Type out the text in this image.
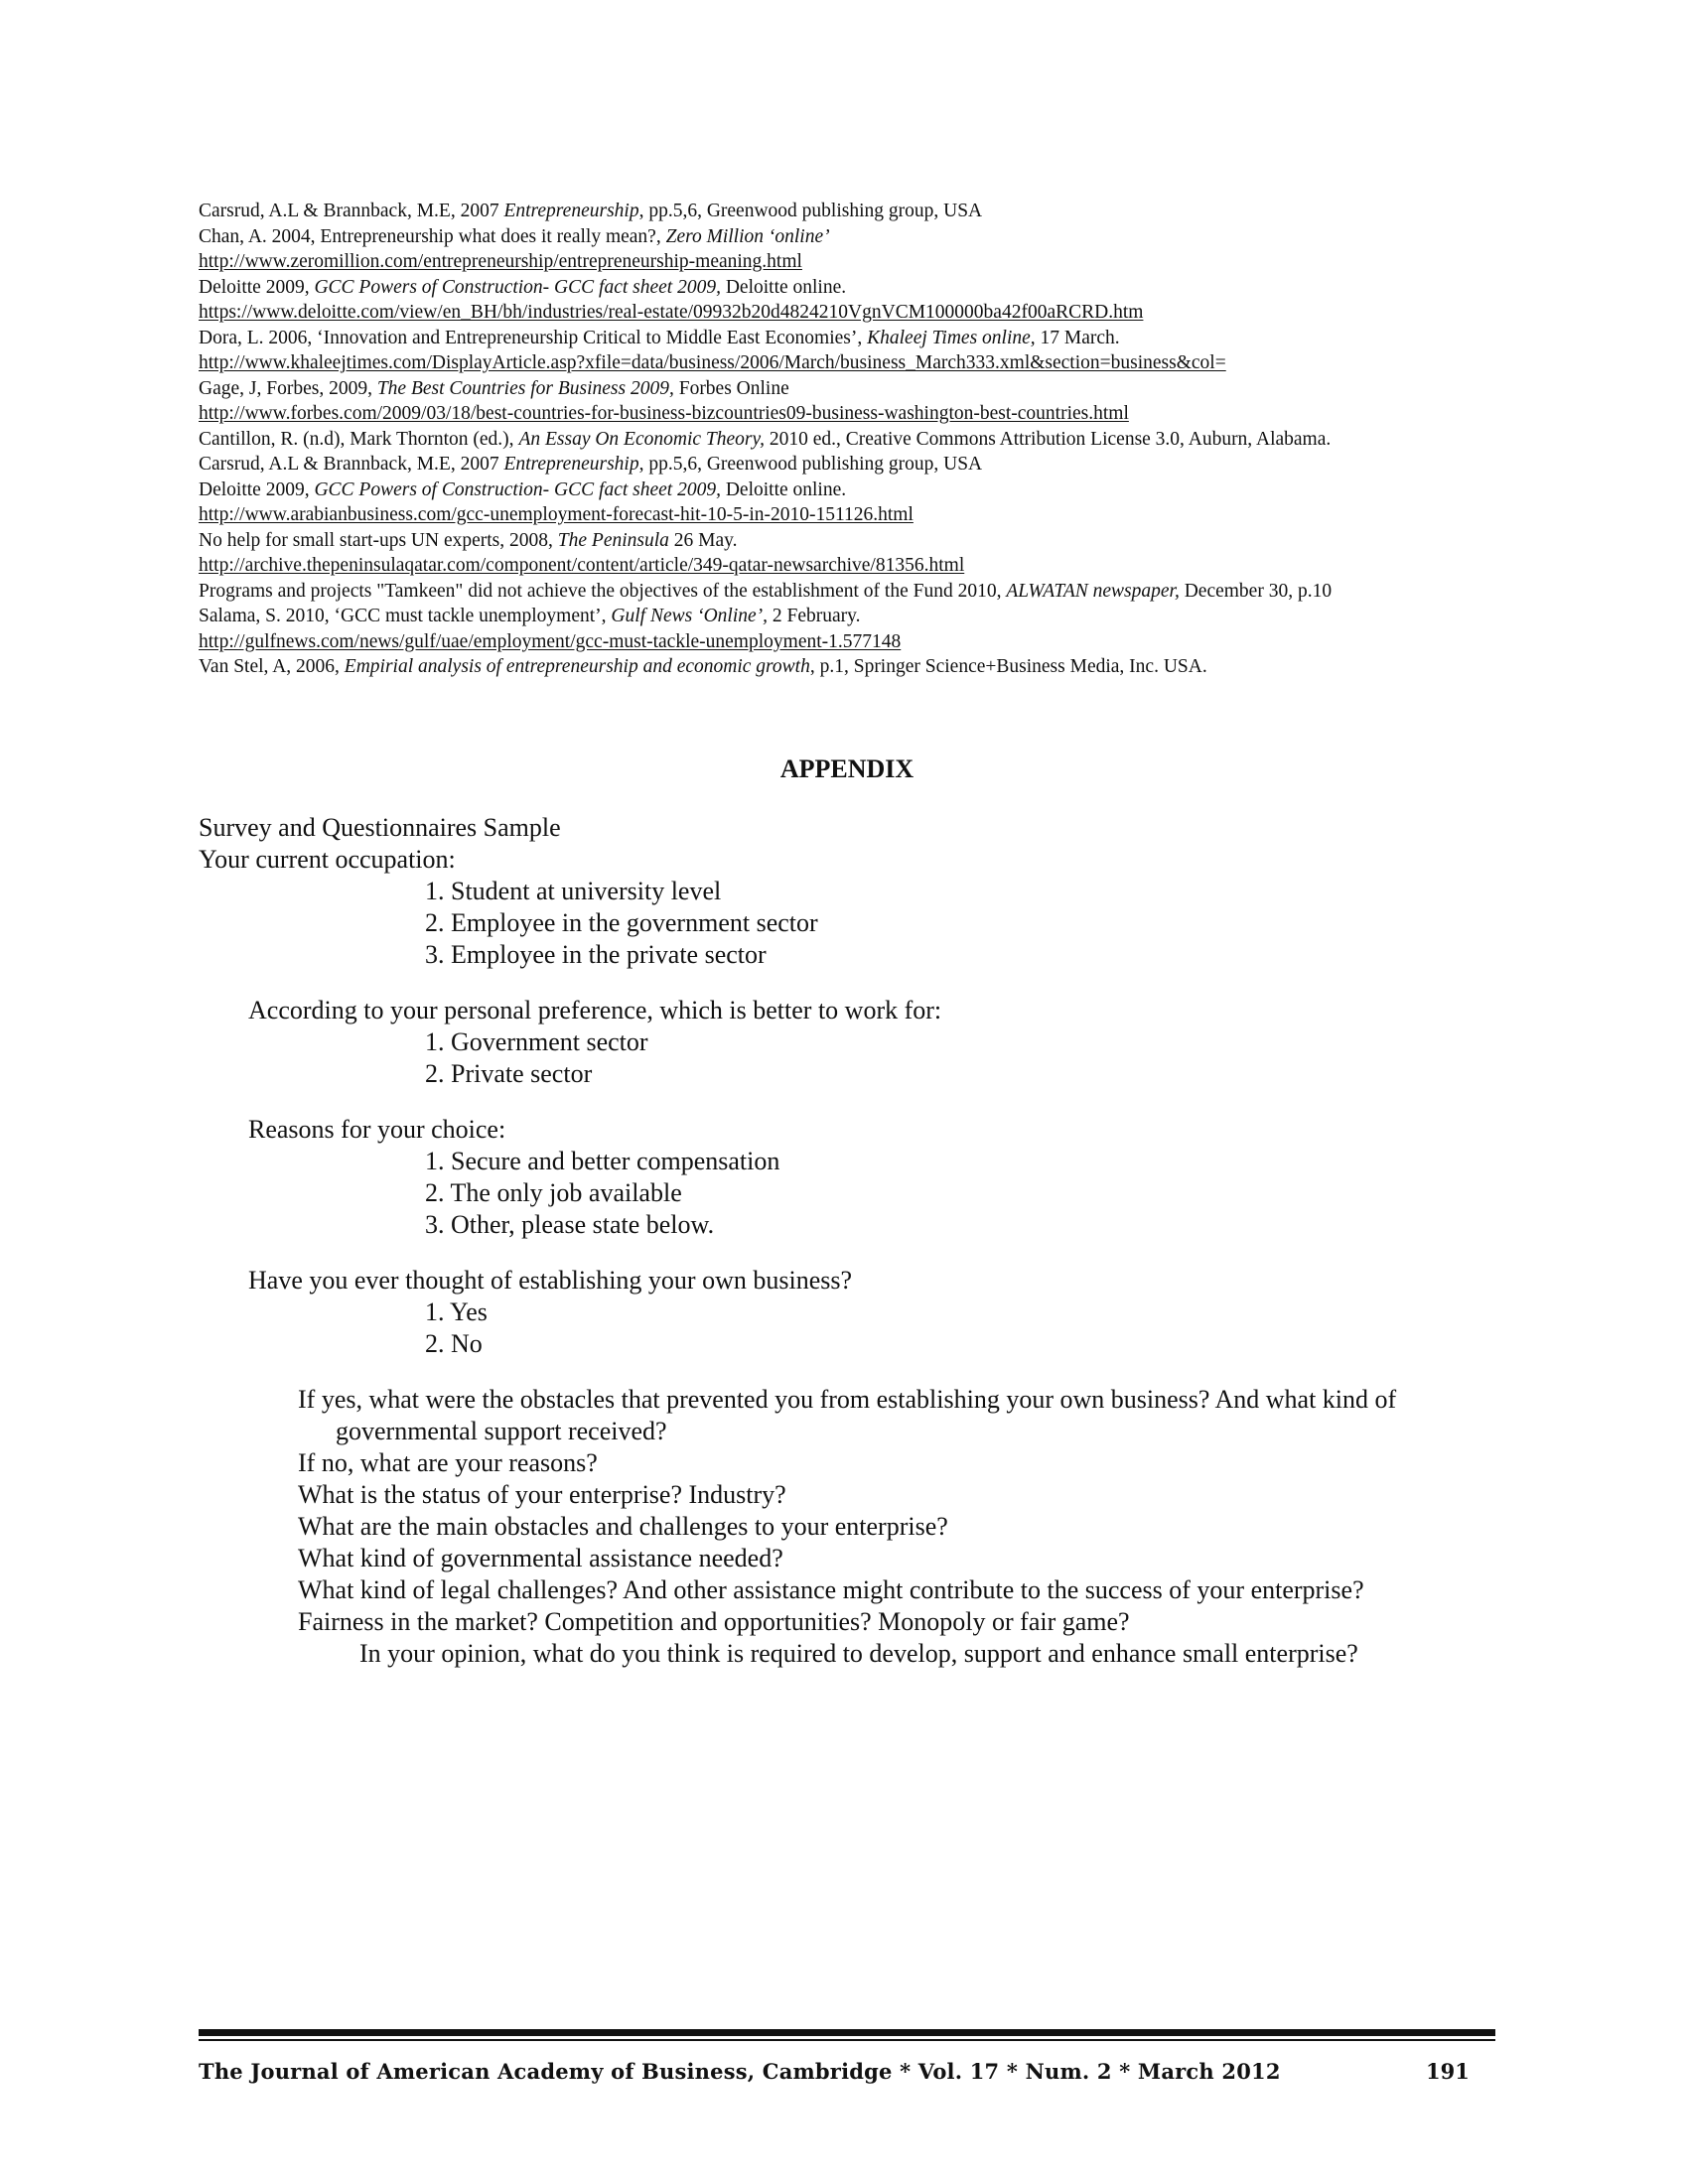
Carsrud, A.L & Brannback, M.E, 2007 Entrepreneurship, pp.5,6, Greenwood publishing group, USA
Chan, A. 2004, Entrepreneurship what does it really mean?, Zero Million ‘online’
http://www.zeromillion.com/entrepreneurship/entrepreneurship-meaning.html
Deloitte 2009, GCC Powers of Construction- GCC fact sheet 2009, Deloitte online.
https://www.deloitte.com/view/en_BH/bh/industries/real-estate/09932b20d4824210VgnVCM100000ba42f00aRCRD.htm
Dora, L. 2006, ‘Innovation and Entrepreneurship Critical to Middle East Economies’, Khaleej Times online, 17 March.
http://www.khaleejtimes.com/DisplayArticle.asp?xfile=data/business/2006/March/business_March333.xml&section=business&col=
Gage, J, Forbes, 2009, The Best Countries for Business 2009, Forbes Online
http://www.forbes.com/2009/03/18/best-countries-for-business-bizcountries09-business-washington-best-countries.html
Cantillon, R. (n.d), Mark Thornton (ed.), An Essay On Economic Theory, 2010 ed., Creative Commons Attribution License 3.0, Auburn, Alabama.
Carsrud, A.L & Brannback, M.E, 2007 Entrepreneurship, pp.5,6, Greenwood publishing group, USA
Deloitte 2009, GCC Powers of Construction- GCC fact sheet 2009, Deloitte online.
http://www.arabianbusiness.com/gcc-unemployment-forecast-hit-10-5-in-2010-151126.html
No help for small start-ups UN experts, 2008, The Peninsula 26 May.
http://archive.thepeninsulaqatar.com/component/content/article/349-qatar-newsarchive/81356.html
Programs and projects "Tamkeen" did not achieve the objectives of the establishment of the Fund 2010, ALWATAN newspaper, December 30, p.10
Salama, S. 2010, ‘GCC must tackle unemployment’, Gulf News ‘Online’, 2 February.
http://gulfnews.com/news/gulf/uae/employment/gcc-must-tackle-unemployment-1.577148
Van Stel, A, 2006, Empirial analysis of entrepreneurship and economic growth, p.1, Springer Science+Business Media, Inc. USA.
APPENDIX

Survey and Questionnaires Sample

Your current occupation:

1. Student at university level
2. Employee in the government sector
3. Employee in the private sector

According to your personal preference, which is better to work for:

1. Government sector
2. Private sector

Reasons for your choice:

1. Secure and better compensation
2. The only job available
3. Other, please state below.

Have you ever thought of establishing your own business?

1. Yes
2. No

If yes, what were the obstacles that prevented you from establishing your own business? And what kind of governmental support received?

If no, what are your reasons?

What is the status of your enterprise? Industry?

What are the main obstacles and challenges to your enterprise?

What kind of governmental assistance needed?

What kind of legal challenges? And other assistance might contribute to the success of your enterprise?

Fairness in the market? Competition and opportunities? Monopoly or fair game?

In your opinion, what do you think is required to develop, support and enhance small enterprise?

The Journal of American Academy of Business, Cambridge * Vol. 17 * Num. 2 * March 2012	191
